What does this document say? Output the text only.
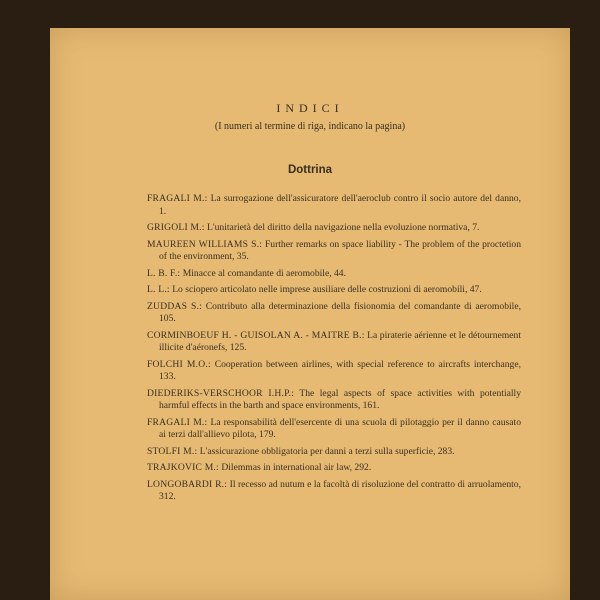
INDICI
(I numeri al termine di riga, indicano la pagina)
Dottrina
FRAGALI M.: La surrogazione dell'assicuratore dell'aeroclub contro il socio autore del danno, 1.
GRIGOLI M.: L'unitarietà del diritto della navigazione nella evoluzione normativa, 7.
MAUREEN WILLIAMS S.: Further remarks on space liability - The problem of the proctetion of the environment, 35.
L. B. F.: Minacce al comandante di aeromobile, 44.
L. L.: Lo sciopero articolato nelle imprese ausiliare delle costruzioni di aeromobili, 47.
ZUDDAS S.: Contributo alla determinazione della fisionomia del comandante di aeromobile, 105.
CORMINBOEUF H. - GUISOLAN A. - MAITRE B.: La piraterie aérienne et le détournement illicite d'aéronefs, 125.
FOLCHI M.O.: Cooperation between airlines, with special reference to aircrafts interchange, 133.
DIEDERIKS-VERSCHOOR I.H.P.: The legal aspects of space activities with potentially harmful effects in the barth and space environments, 161.
FRAGALI M.: La responsabilità dell'esercente di una scuola di pilotaggio per il danno causato ai terzi dall'allievo pilota, 179.
STOLFI M.: L'assicurazione obbligatoria per danni a terzi sulla superficie, 283.
TRAJKOVIC M.: Dilemmas in international air law, 292.
LONGOBARDI R.: Il recesso ad nutum e la facoltà di risoluzione del contratto di arruolamento, 312.
